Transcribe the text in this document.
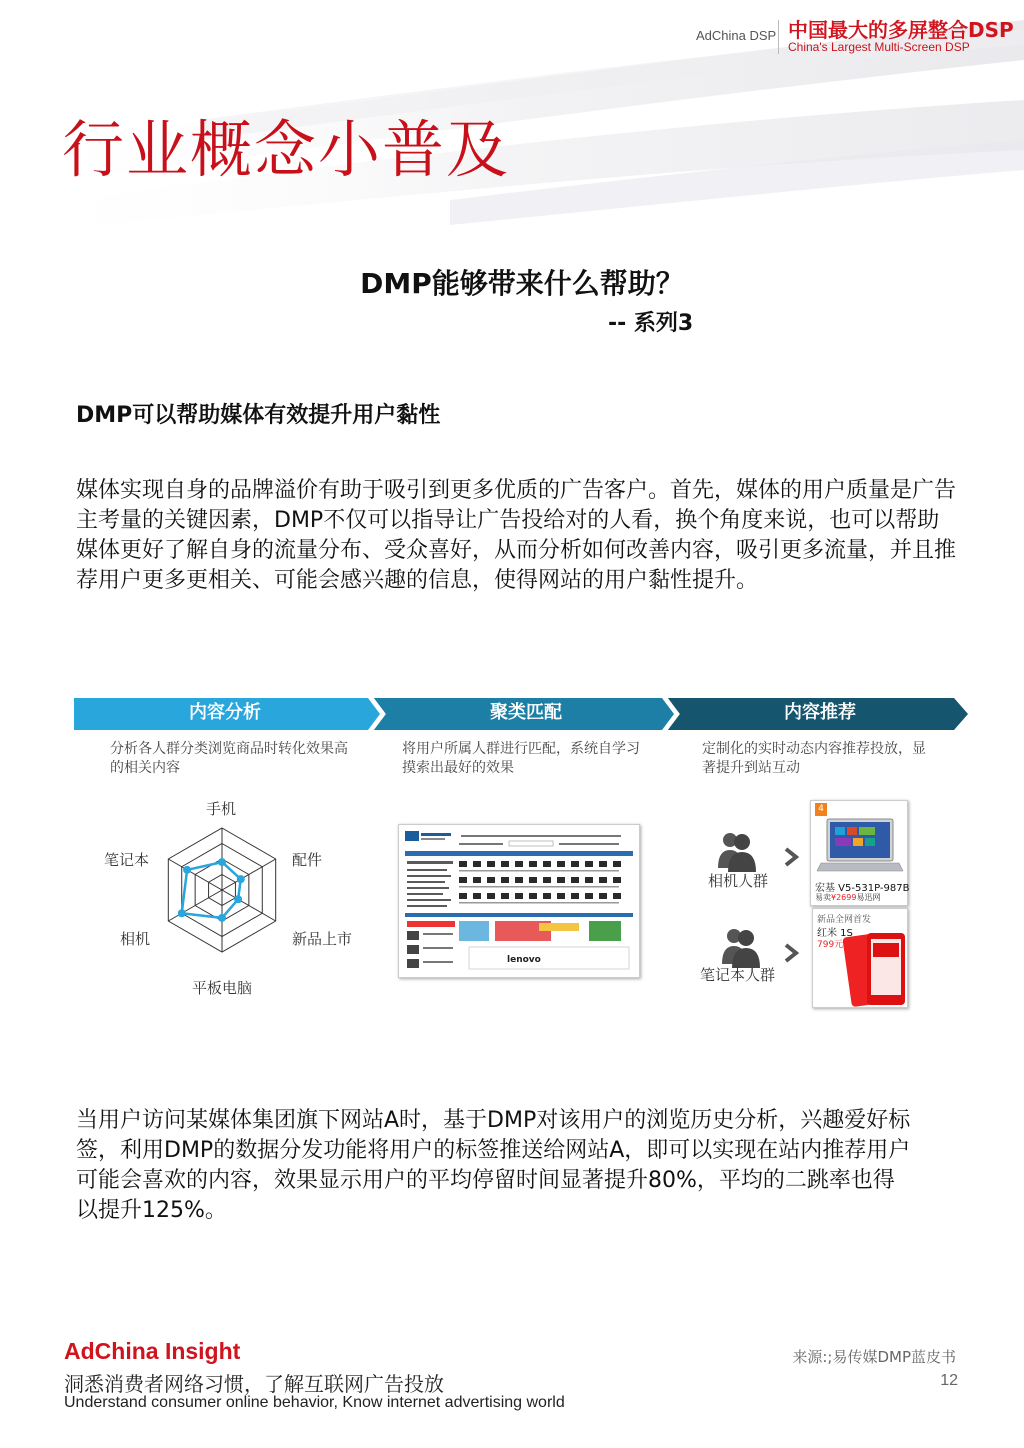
AdChina DSP 中国最大的多屏整合DSP
China's Largest Multi-Screen DSP
行业概念小普及
DMP能够带来什么帮助？
-- 系列3
DMP可以帮助媒体有效提升用户黏性
媒体实现自身的品牌溢价有助于吸引到更多优质的广告客户。首先，媒体的用户质量是广告主考量的关键因素，DMP不仅可以指导让广告投给对的人看，换个角度来说，也可以帮助媒体更好了解自身的流量分布、受众喜好，从而分析如何改善内容，吸引更多流量，并且推荐用户更多更相关、可能会感兴趣的信息，使得网站的用户黏性提升。
内容分析	聚类匹配	内容推荐
分析各人群分类浏览商品时转化效果高的相关内容
将用户所属人群进行匹配，系统自学习摸索出最好的效果
定制化的实时动态内容推荐投放，显著提升到站互动
手机
配件
新品上市
平板电脑
相机
笔记本
lenovo
相机人群
笔记本人群
4
宏基 V5-531P-987B
易卖¥2699易迅网
新品全网首发
红米 1S
799元
当用户访问某媒体集团旗下网站A时，基于DMP对该用户的浏览历史分析，兴趣爱好标签，利用DMP的数据分发功能将用户的标签推送给网站A，即可以实现在站内推荐用户可能会喜欢的内容，效果显示用户的平均停留时间显著提升80%，平均的二跳率也得以提升125%。
AdChina Insight
洞悉消费者网络习惯，了解互联网广告投放
Understand consumer online behavior, Know internet advertising world
来源:;易传媒DMP蓝皮书
12
